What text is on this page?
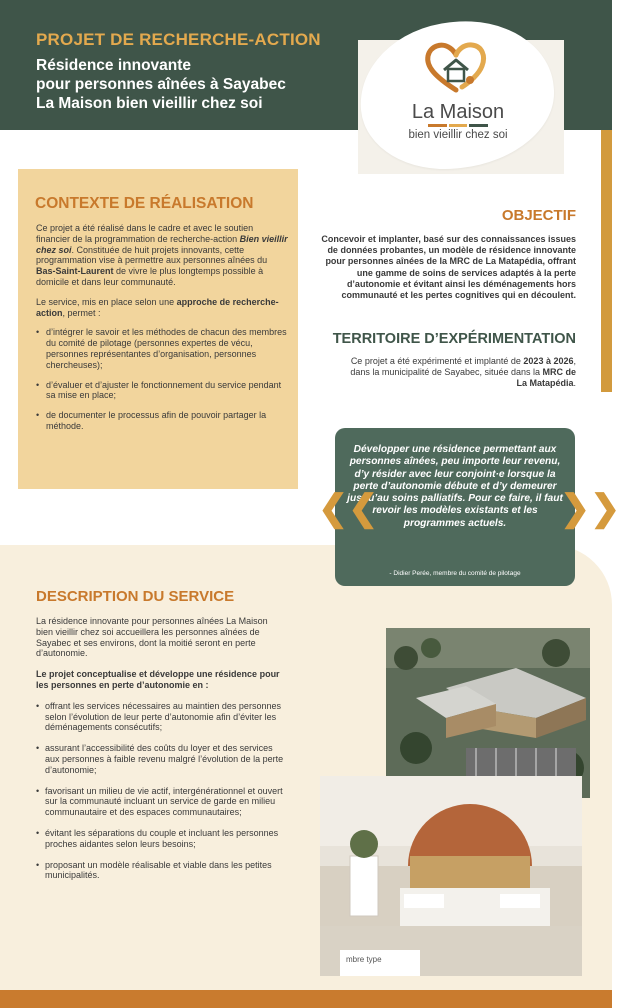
PROJET DE RECHERCHE-ACTION
Résidence innovante
pour personnes aînées à Sayabec
La Maison bien vieillir chez soi	La Maison
bien vieillir chez soi
CONTEXTE DE RÉALISATION

Ce projet a été réalisé dans le cadre et avec le soutien financier de la programmation de recherche-action Bien vieillir chez soi. Constituée de huit projets innovants, cette programmation vise à permettre aux personnes aînées du Bas-Saint-Laurent de vivre le plus longtemps possible à domicile et dans leur communauté.

Le service, mis en place selon une approche de recherche-action, permet :

• d’intégrer le savoir et les méthodes de chacun des membres du comité de pilotage (personnes expertes de vécu, personnes représentantes d’organisation, personnes chercheuses);
• d’évaluer et d’ajuster le fonctionnement du service pendant sa mise en place;
• de documenter le processus afin de pouvoir partager la méthode.
OBJECTIF
Concevoir et implanter, basé sur des connaissances issues de données probantes, un modèle de résidence innovante pour personnes aînées de la MRC de La Matapédia, offrant une gamme de soins de services adaptés à la perte d’autonomie et évitant ainsi les déménagements hors communauté et les pertes cognitives qui en découlent.
TERRITOIRE D’EXPÉRIMENTATION
Ce projet a été expérimenté et implanté de 2023 à 2026, dans la municipalité de Sayabec, située dans la MRC de La Matapédia.
Développer une résidence permettant aux personnes aînées, peu importe leur revenu, d’y résider avec leur conjoint·e lorsque la perte d’autonomie débute et d’y demeurer jusqu’au soins palliatifs. Pour ce faire, il faut revoir les modèles existants et les programmes actuels.
- Didier Perée, membre du comité de pilotage
❮❮	❯❯
DESCRIPTION DU SERVICE

La résidence innovante pour personnes aînées La Maison bien vieillir chez soi accueillera les personnes aînées de Sayabec et ses environs, dont la moitié seront en perte d’autonomie.

Le projet conceptualise et développe une résidence pour les personnes en perte d’autonomie en :

• offrant les services nécessaires au maintien des personnes selon l’évolution de leur perte d’autonomie afin d’éviter les déménagements consécutifs;
• assurant l’accessibilité des coûts du loyer et des services aux personnes à faible revenu malgré l’évolution de la perte d’autonomie;
• favorisant un milieu de vie actif, intergénérationnel et ouvert sur la communauté incluant un service de garde en milieu communautaire et des espaces communautaires;
• évitant les séparations du couple et incluant les personnes proches aidantes selon leurs besoins;
• proposant un modèle réalisable et viable dans les petites municipalités.
mbre type
